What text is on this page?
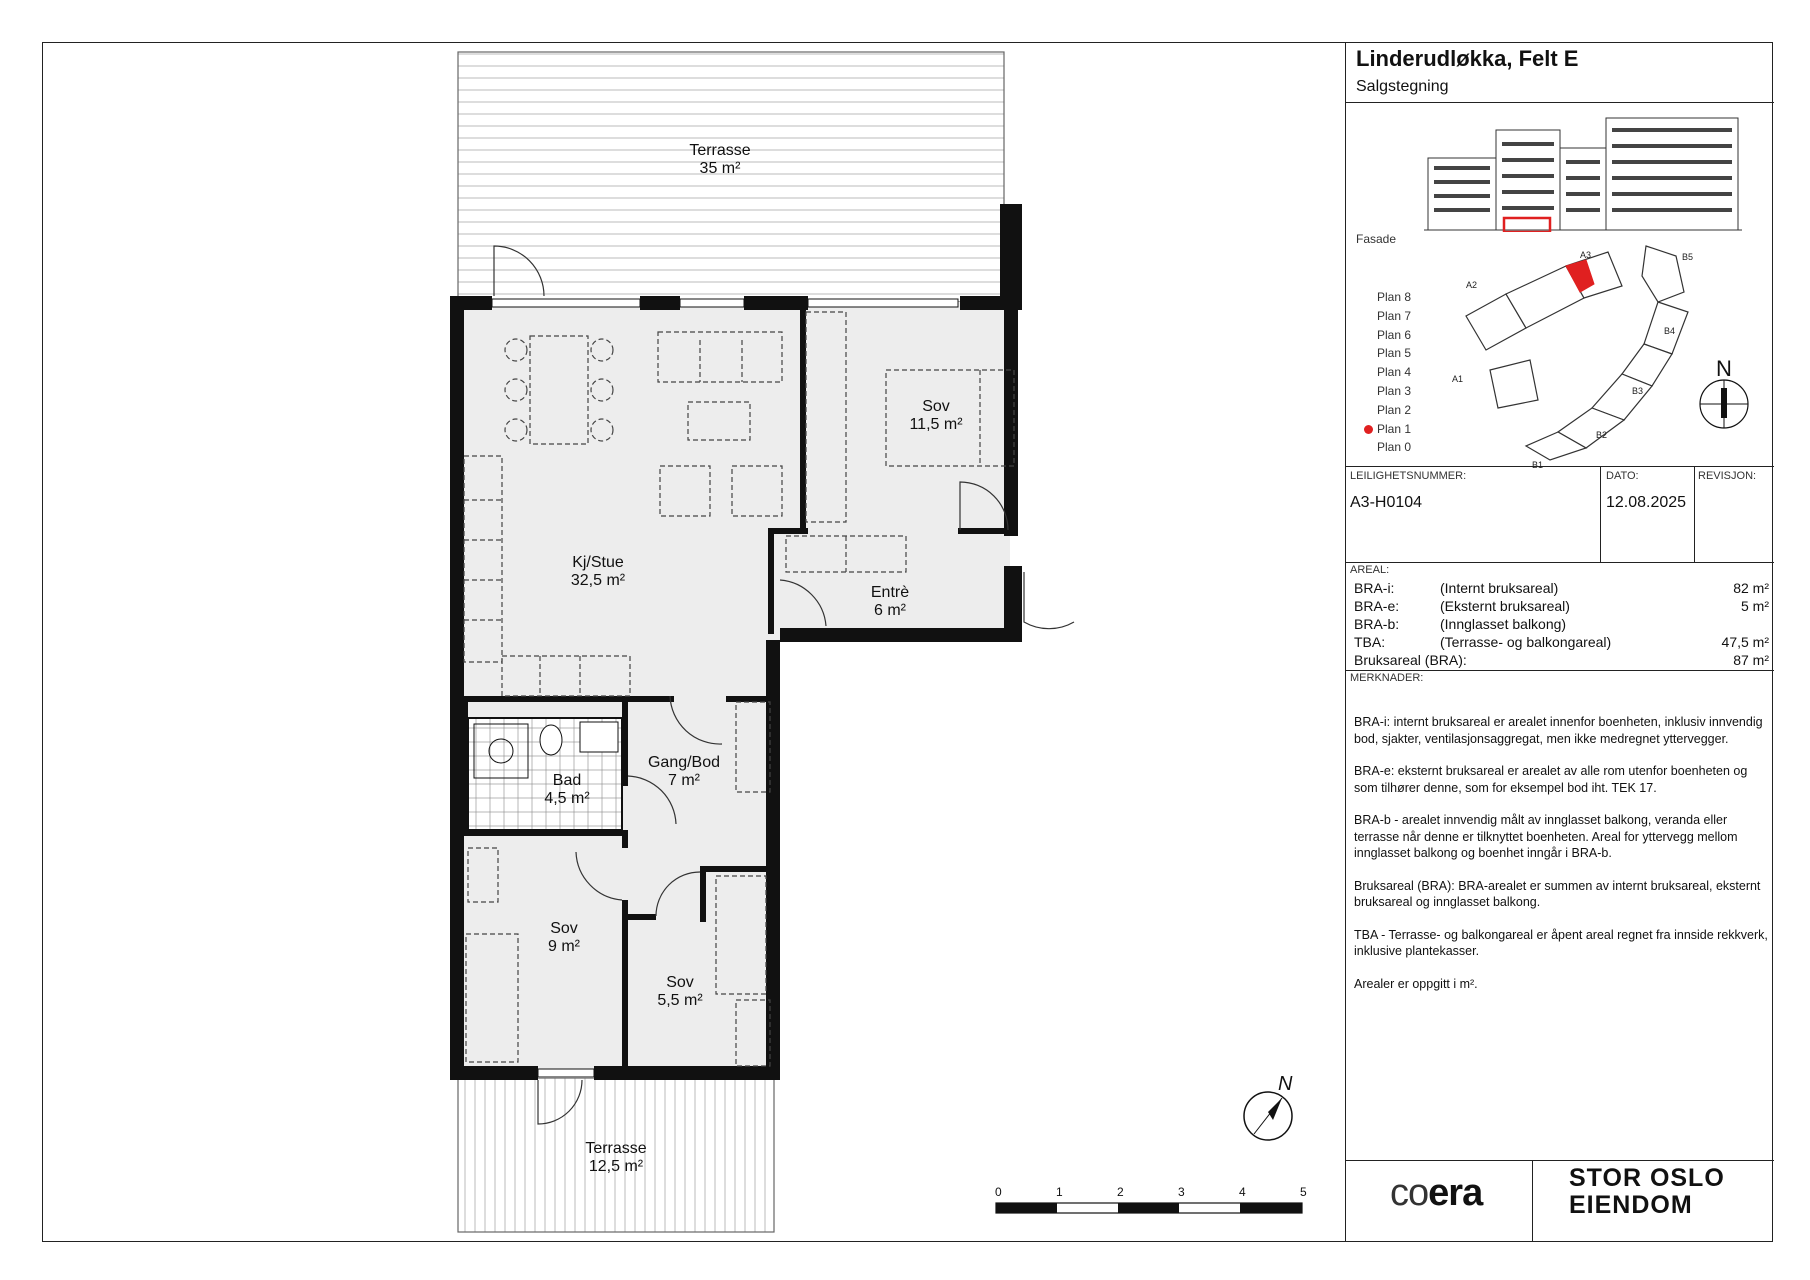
N
0	1	2	3	4	5
Terrasse
35 m²
Kj/Stue
32,5 m²
Sov
11,5 m²
Entrè
6 m²
Gang/Bod
7 m²
Bad
4,5 m²
Sov
9 m²
Sov
5,5 m²
Terrasse
12,5 m²
Linderudløkka, Felt E
Salgstegning
Fasade
Plan 8
Plan 7
Plan 6
Plan 5
Plan 4
Plan 3
Plan 2
Plan 1
Plan 0
A1
A2
A3
B1
B2
B3
B4
B5
N
LEILIGHETSNUMMER:	DATO:	REVISJON:
A3-H0104	12.08.2025
AREAL:
BRA-i:	(Internt bruksareal)	82 m²
BRA-e:	(Eksternt bruksareal)	5 m²
BRA-b:	(Innglasset balkong)
TBA:	(Terrasse- og balkongareal)	47,5 m²
Bruksareal (BRA):	87 m²
MERKNADER:

BRA-i: internt bruksareal er arealet innenfor boenheten, inklusiv innvendig bod, sjakter, ventilasjonsaggregat, men ikke medregnet yttervegger.

BRA-e: eksternt bruksareal er arealet av alle rom utenfor boenheten og som tilhører denne, som for eksempel bod iht. TEK 17.

BRA-b - arealet innvendig målt av innglasset balkong, veranda eller terrasse når denne er tilknyttet boenheten. Areal for yttervegg mellom innglasset balkong og boenhet inngår i BRA-b.

Bruksareal (BRA): BRA-arealet er summen av internt bruksareal, eksternt bruksareal og innglasset balkong.

TBA - Terrasse- og balkongareal er åpent areal regnet fra innside rekkverk, inklusive plantekasser.

Arealer er oppgitt i m².

coera	STOR OSLO
EIENDOM
